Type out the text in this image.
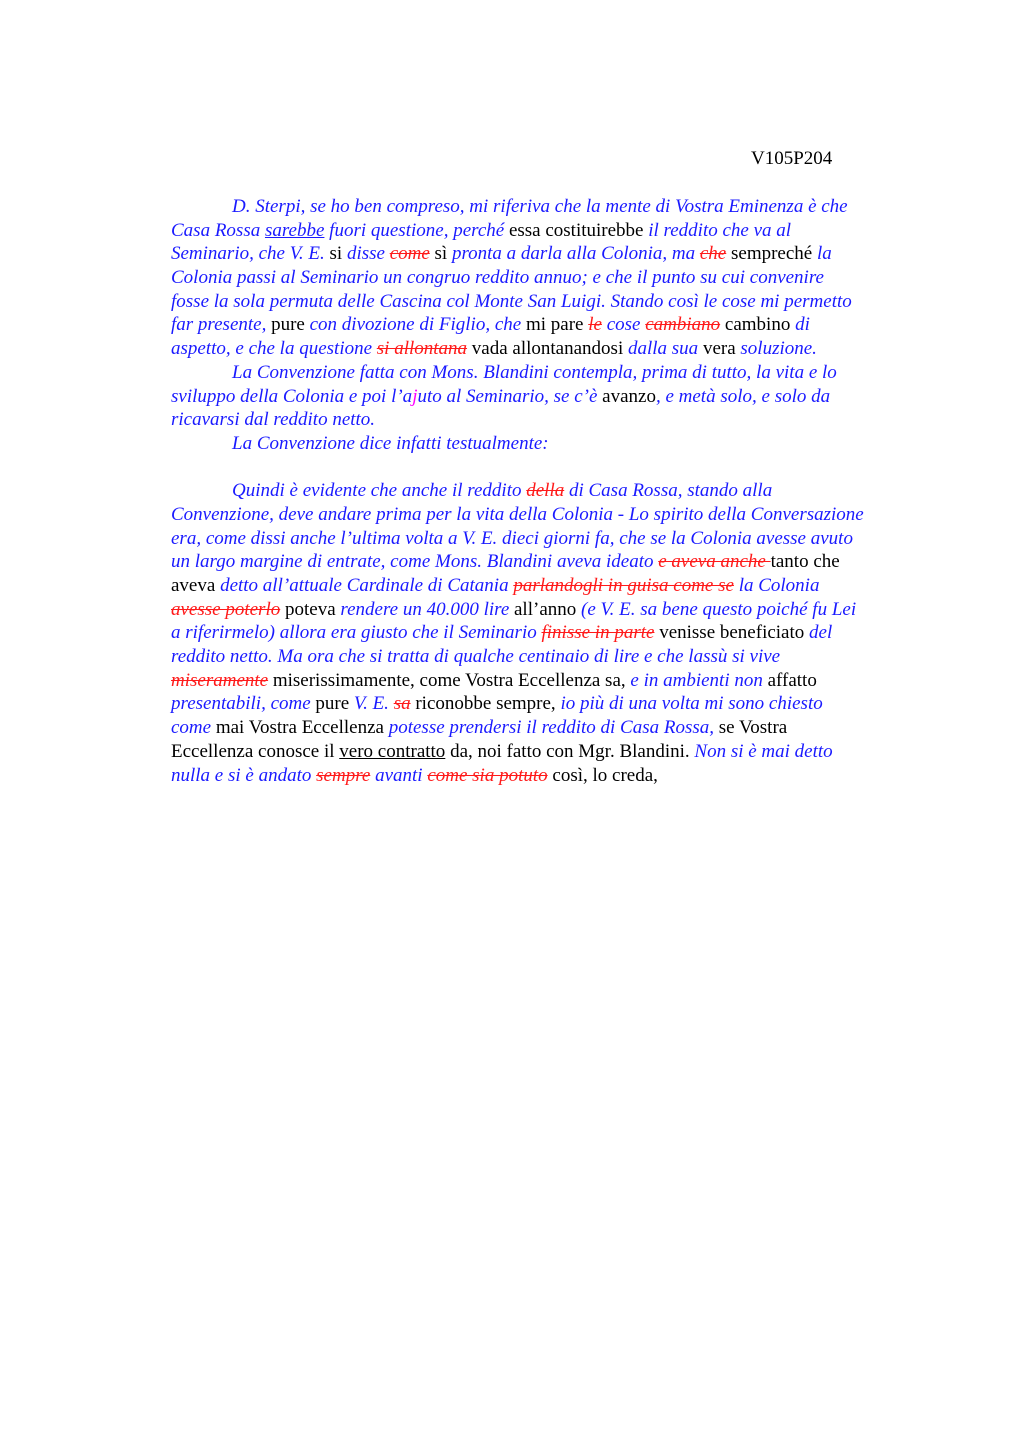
V105P204
D. Sterpi, se ho ben compreso, mi riferiva che la mente di Vostra Eminenza è che
Casa Rossa sarebbe fuori questione, perché essa costituirebbe il reddito che va al
Seminario, che V. E. si disse come sì pronta a darla alla Colonia, ma che sempreché la
Colonia passi al Seminario un congruo reddito annuo; e che il punto su cui convenire
fosse la sola permuta delle Cascina col Monte San Luigi. Stando così le cose mi permetto
far presente, pure con divozione di Figlio, che mi pare le cose cambiano cambino di
aspetto, e che la questione si allontana vada allontanandosi dalla sua vera soluzione.
La Convenzione fatta con Mons. Blandini contempla, prima di tutto, la vita e lo
sviluppo della Colonia e poi l’ajuto al Seminario, se c’è avanzo, e metà solo, e solo da
ricavarsi dal reddito netto.
La Convenzione dice infatti testualmente:
Quindi è evidente che anche il reddito della di Casa Rossa, stando alla
Convenzione, deve andare prima per la vita della Colonia - Lo spirito della Conversazione
era, come dissi anche l’ultima volta a V. E. dieci giorni fa, che se la Colonia avesse avuto
un largo margine di entrate, come Mons. Blandini aveva ideato e aveva anche tanto che
aveva detto all’attuale Cardinale di Catania parlandogli in guisa come se la Colonia
avesse poterlo poteva rendere un 40.000 lire all’anno (e V. E. sa bene questo poiché fu Lei
a riferirmelo) allora era giusto che il Seminario finisse in parte venisse beneficiato del
reddito netto. Ma ora che si tratta di qualche centinaio di lire e che lassù si vive
miseramente miserissimamente, come Vostra Eccellenza sa, e in ambienti non affatto
presentabili, come pure V. E. sa riconobbe sempre, io più di una volta mi sono chiesto
come mai Vostra Eccellenza potesse prendersi il reddito di Casa Rossa, se Vostra
Eccellenza conosce il vero contratto da, noi fatto con Mgr. Blandini. Non si è mai detto
nulla e si è andato sempre avanti come sia potuto così, lo creda,
